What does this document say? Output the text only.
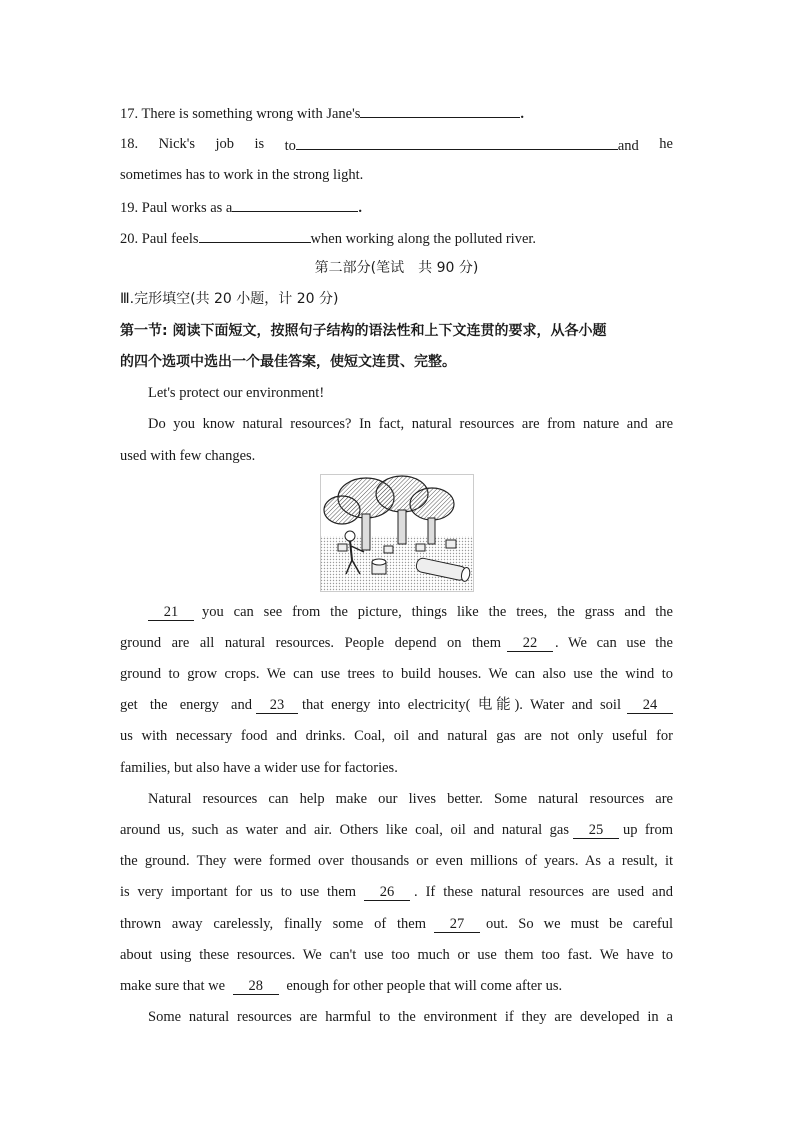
17. There is something wrong with Jane's	.
18. Nick's job is to	and he
sometimes has to work in the strong light.
19. Paul works as a	.
20. Paul feels	when working along the polluted river.
第二部分(笔试　共 90 分)
Ⅲ.完形填空(共 20 小题，计 20 分)
第一节: 阅读下面短文，按照句子结构的语法性和上下文连贯的要求，从各小题
的四个选项中选出一个最佳答案，使短文连贯、完整。
Let's protect our environment!
Do you know natural resources? In fact, natural resources are from nature and are
used with few changes.
21	you can see from the picture, things like the trees, the grass and the
ground are all natural resources. People depend on them	22	. We can use the
ground to grow crops. We can use trees to build houses. We can also use the wind to
get the energy and	23	that energy into electricity( 电能). Water and soil	24
us with necessary food and drinks. Coal, oil and natural gas are not only useful for
families, but also have a wider use for factories.
Natural resources can help make our lives better. Some natural resources are
around us, such as water and air. Others like coal, oil and natural gas	25	up from
the ground. They were formed over thousands or even millions of years. As a result, it
is very important for us to use them	26	. If these natural resources are used and
thrown away carelessly, finally some of them	27	out. So we must be careful
about using these resources. We can't use too much or use them too fast. We have to
make sure that we 28 enough for other people that will come after us.
Some natural resources are harmful to the environment if they are developed in a
